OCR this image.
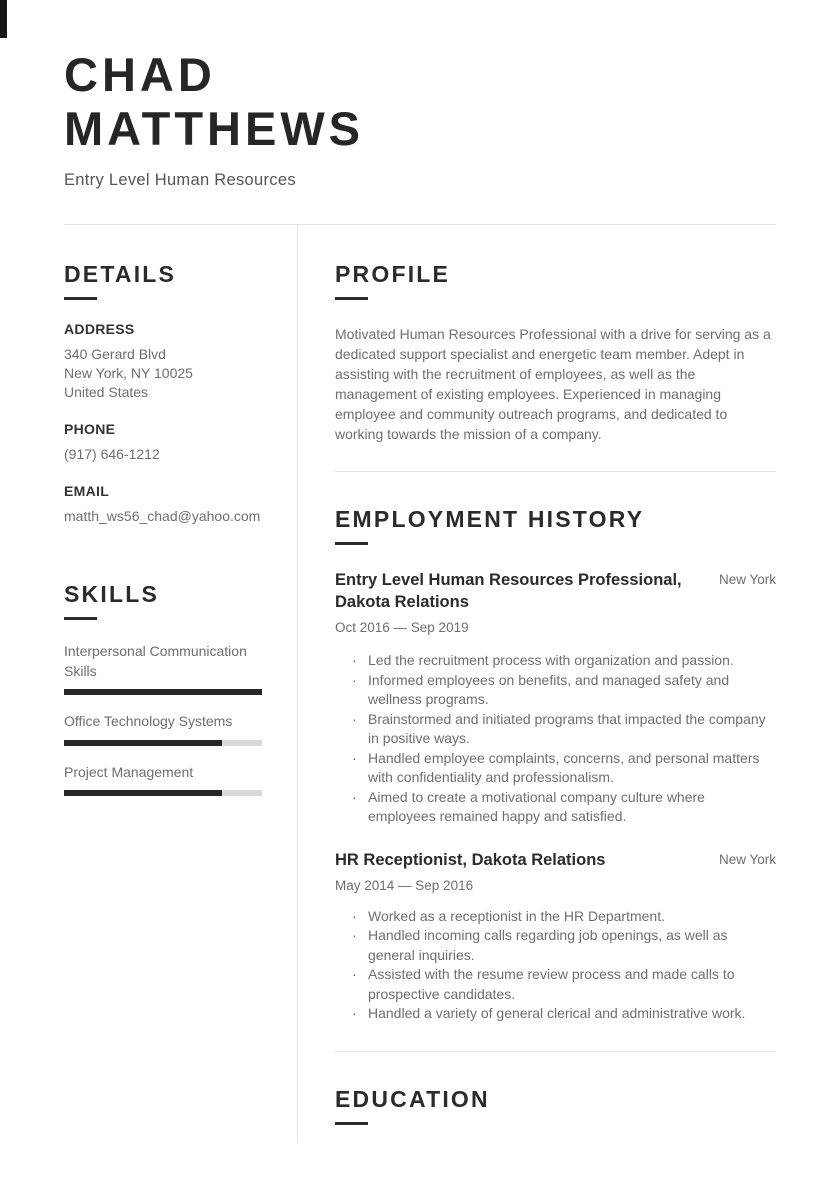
CHAD
MATTHEWS
Entry Level Human Resources
DETAILS
ADDRESS
340 Gerard Blvd
New York, NY 10025
United States
PHONE
(917) 646-1212
EMAIL
matth_ws56_chad@yahoo.com
SKILLS
Interpersonal Communication Skills
Office Technology Systems
Project Management
PROFILE

Motivated Human Resources Professional with a drive for serving as a dedicated support specialist and energetic team member. Adept in assisting with the recruitment of employees, as well as the management of existing employees. Experienced in managing employee and community outreach programs, and dedicated to working towards the mission of a company.

EMPLOYMENT HISTORY
Entry Level Human Resources Professional, Dakota Relations
New York
Oct 2016 — Sep 2019
· Led the recruitment process with organization and passion.
· Informed employees on benefits, and managed safety and wellness programs.
· Brainstormed and initiated programs that impacted the company in positive ways.
· Handled employee complaints, concerns, and personal matters with confidentiality and professionalism.
· Aimed to create a motivational company culture where employees remained happy and satisfied.
HR Receptionist, Dakota Relations	New York
May 2014 — Sep 2016
· Worked as a receptionist in the HR Department.
· Handled incoming calls regarding job openings, as well as general inquiries.
· Assisted with the resume review process and made calls to prospective candidates.
· Handled a variety of general clerical and administrative work.
EDUCATION
